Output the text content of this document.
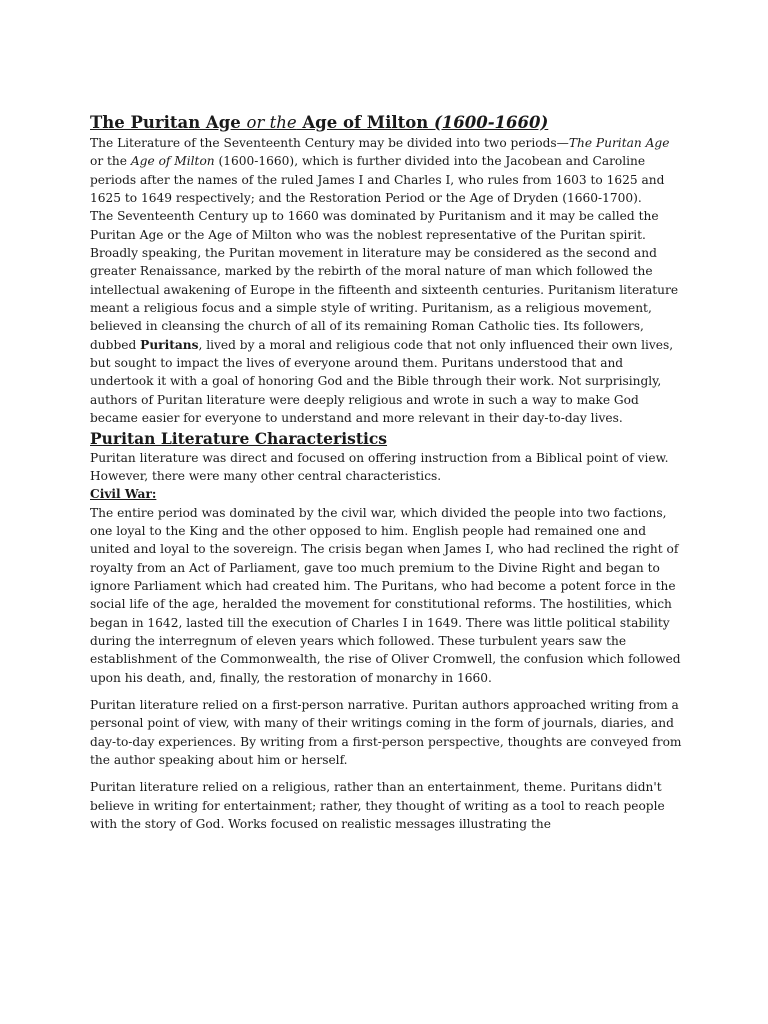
The Puritan Age or the Age of Milton (1600-1660)

The Literature of the Seventeenth Century may be divided into two periods—The Puritan Age or the Age of Milton (1600-1660), which is further divided into the Jacobean and Caroline periods after the names of the ruled James I and Charles I, who rules from 1603 to 1625 and 1625 to 1649 respectively; and the Restoration Period or the Age of Dryden (1660-1700).

The Seventeenth Century up to 1660 was dominated by Puritanism and it may be called the Puritan Age or the Age of Milton who was the noblest representative of the Puritan spirit. Broadly speaking, the Puritan movement in literature may be considered as the second and greater Renaissance, marked by the rebirth of the moral nature of man which followed the intellectual awakening of Europe in the fifteenth and sixteenth centuries. Puritanism literature meant a religious focus and a simple style of writing. Puritanism, as a religious movement, believed in cleansing the church of all of its remaining Roman Catholic ties. Its followers, dubbed Puritans, lived by a moral and religious code that not only influenced their own lives, but sought to impact the lives of everyone around them. Puritans understood that and undertook it with a goal of honoring God and the Bible through their work. Not surprisingly, authors of Puritan literature were deeply religious and wrote in such a way to make God became easier for everyone to understand and more relevant in their day-to-day lives.

Puritan Literature Characteristics

Puritan literature was direct and focused on offering instruction from a Biblical point of view. However, there were many other central characteristics.

Civil War:

The entire period was dominated by the civil war, which divided the people into two factions, one loyal to the King and the other opposed to him. English people had remained one and united and loyal to the sovereign. The crisis began when James I, who had reclined the right of royalty from an Act of Parliament, gave too much premium to the Divine Right and began to ignore Parliament which had created him. The Puritans, who had become a potent force in the social life of the age, heralded the movement for constitutional reforms. The hostilities, which began in 1642, lasted till the execution of Charles I in 1649. There was little political stability during the interregnum of eleven years which followed. These turbulent years saw the establishment of the Commonwealth, the rise of Oliver Cromwell, the confusion which followed upon his death, and, finally, the restoration of monarchy in 1660.

Puritan literature relied on a first-person narrative. Puritan authors approached writing from a personal point of view, with many of their writings coming in the form of journals, diaries, and day-to-day experiences. By writing from a first-person perspective, thoughts are conveyed from the author speaking about him or herself.

Puritan literature relied on a religious, rather than an entertainment, theme. Puritans didn't believe in writing for entertainment; rather, they thought of writing as a tool to reach people with the story of God. Works focused on realistic messages illustrating the
